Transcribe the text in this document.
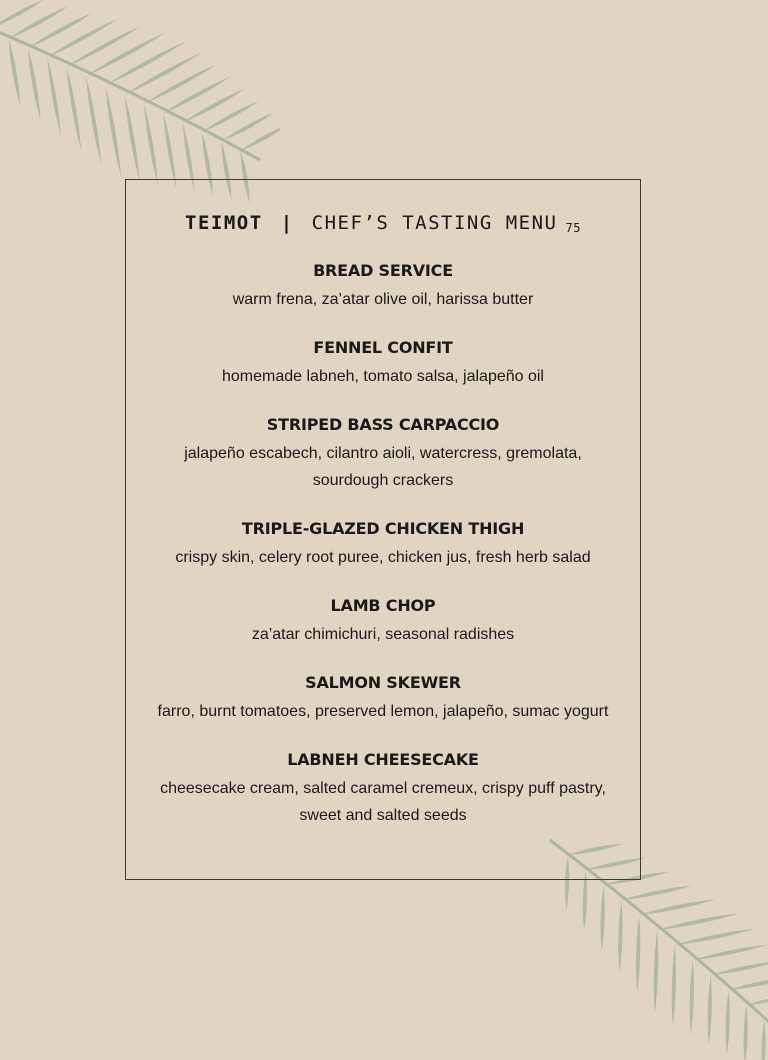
TEIMOT | CHEF’S TASTING MENU 75
BREAD SERVICE
warm frena, za’atar olive oil, harissa butter
FENNEL CONFIT
homemade labneh, tomato salsa, jalapeño oil
STRIPED BASS CARPACCIO
jalapeño escabech, cilantro aioli, watercress, gremolata,
sourdough crackers
TRIPLE-GLAZED CHICKEN THIGH
crispy skin, celery root puree, chicken jus, fresh herb salad
LAMB CHOP
za’atar chimichuri, seasonal radishes
SALMON SKEWER
farro, burnt tomatoes, preserved lemon, jalapeño, sumac yogurt
LABNEH CHEESECAKE
cheesecake cream, salted caramel cremeux, crispy puff pastry,
sweet and salted seeds
